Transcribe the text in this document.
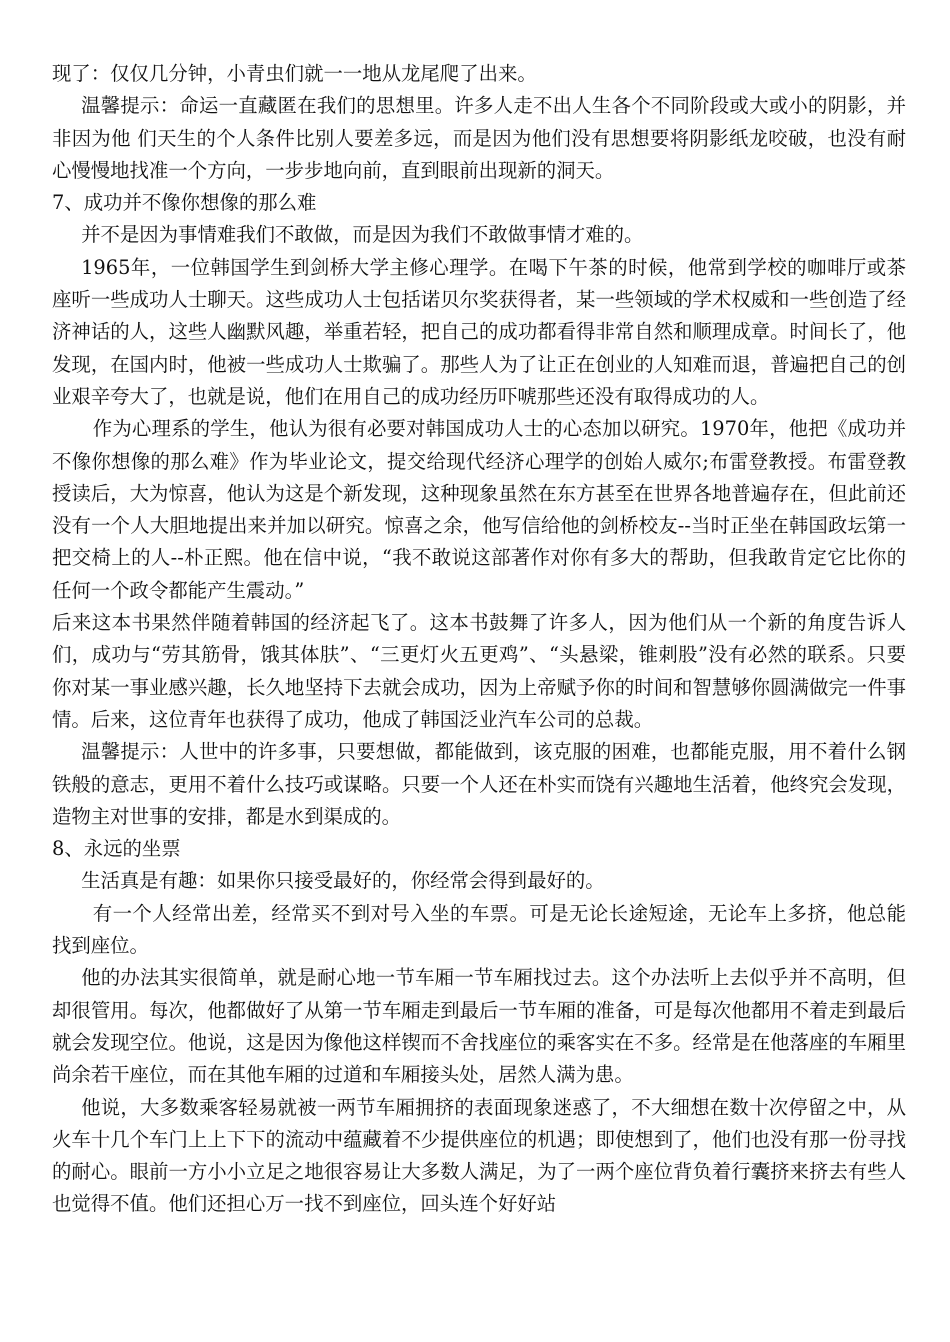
现了：仅仅几分钟，小青虫们就一一地从龙尾爬了出来。

温馨提示：命运一直藏匿在我们的思想里。许多人走不出人生各个不同阶段或大或小的阴影，并非因为他 们天生的个人条件比别人要差多远，而是因为他们没有思想要将阴影纸龙咬破，也没有耐心慢慢地找准一个方向，一步步地向前，直到眼前出现新的洞天。

7、成功并不像你想像的那么难

并不是因为事情难我们不敢做，而是因为我们不敢做事情才难的。

1965年，一位韩国学生到剑桥大学主修心理学。在喝下午茶的时候，他常到学校的咖啡厅或茶座听一些成功人士聊天。这些成功人士包括诺贝尔奖获得者，某一些领域的学术权威和一些创造了经济神话的人，这些人幽默风趣，举重若轻，把自己的成功都看得非常自然和顺理成章。时间长了，他发现，在国内时，他被一些成功人士欺骗了。那些人为了让正在创业的人知难而退，普遍把自己的创业艰辛夸大了，也就是说，他们在用自己的成功经历吓唬那些还没有取得成功的人。

作为心理系的学生，他认为很有必要对韩国成功人士的心态加以研究。1970年，他把《成功并不像你想像的那么难》作为毕业论文，提交给现代经济心理学的创始人威尔;布雷登教授。布雷登教授读后，大为惊喜，他认为这是个新发现，这种现象虽然在东方甚至在世界各地普遍存在，但此前还没有一个人大胆地提出来并加以研究。惊喜之余，他写信给他的剑桥校友--当时正坐在韩国政坛第一把交椅上的人--朴正熙。他在信中说，“我不敢说这部著作对你有多大的帮助，但我敢肯定它比你的任何一个政令都能产生震动。”

后来这本书果然伴随着韩国的经济起飞了。这本书鼓舞了许多人，因为他们从一个新的角度告诉人们，成功与“劳其筋骨，饿其体肤”、“三更灯火五更鸡”、“头悬梁，锥刺股”没有必然的联系。只要你对某一事业感兴趣，长久地坚持下去就会成功，因为上帝赋予你的时间和智慧够你圆满做完一件事情。后来，这位青年也获得了成功，他成了韩国泛业汽车公司的总裁。

温馨提示：人世中的许多事，只要想做，都能做到，该克服的困难，也都能克服，用不着什么钢铁般的意志，更用不着什么技巧或谋略。只要一个人还在朴实而饶有兴趣地生活着，他终究会发现，造物主对世事的安排，都是水到渠成的。

8、永远的坐票

生活真是有趣：如果你只接受最好的，你经常会得到最好的。

有一个人经常出差，经常买不到对号入坐的车票。可是无论长途短途，无论车上多挤，他总能找到座位。

他的办法其实很简单，就是耐心地一节车厢一节车厢找过去。这个办法听上去似乎并不高明，但却很管用。每次，他都做好了从第一节车厢走到最后一节车厢的准备，可是每次他都用不着走到最后就会发现空位。他说，这是因为像他这样锲而不舍找座位的乘客实在不多。经常是在他落座的车厢里尚余若干座位，而在其他车厢的过道和车厢接头处，居然人满为患。

他说，大多数乘客轻易就被一两节车厢拥挤的表面现象迷惑了，不大细想在数十次停留之中，从火车十几个车门上上下下的流动中蕴藏着不少提供座位的机遇；即使想到了，他们也没有那一份寻找的耐心。眼前一方小小立足之地很容易让大多数人满足，为了一两个座位背负着行囊挤来挤去有些人也觉得不值。他们还担心万一找不到座位，回头连个好好站
